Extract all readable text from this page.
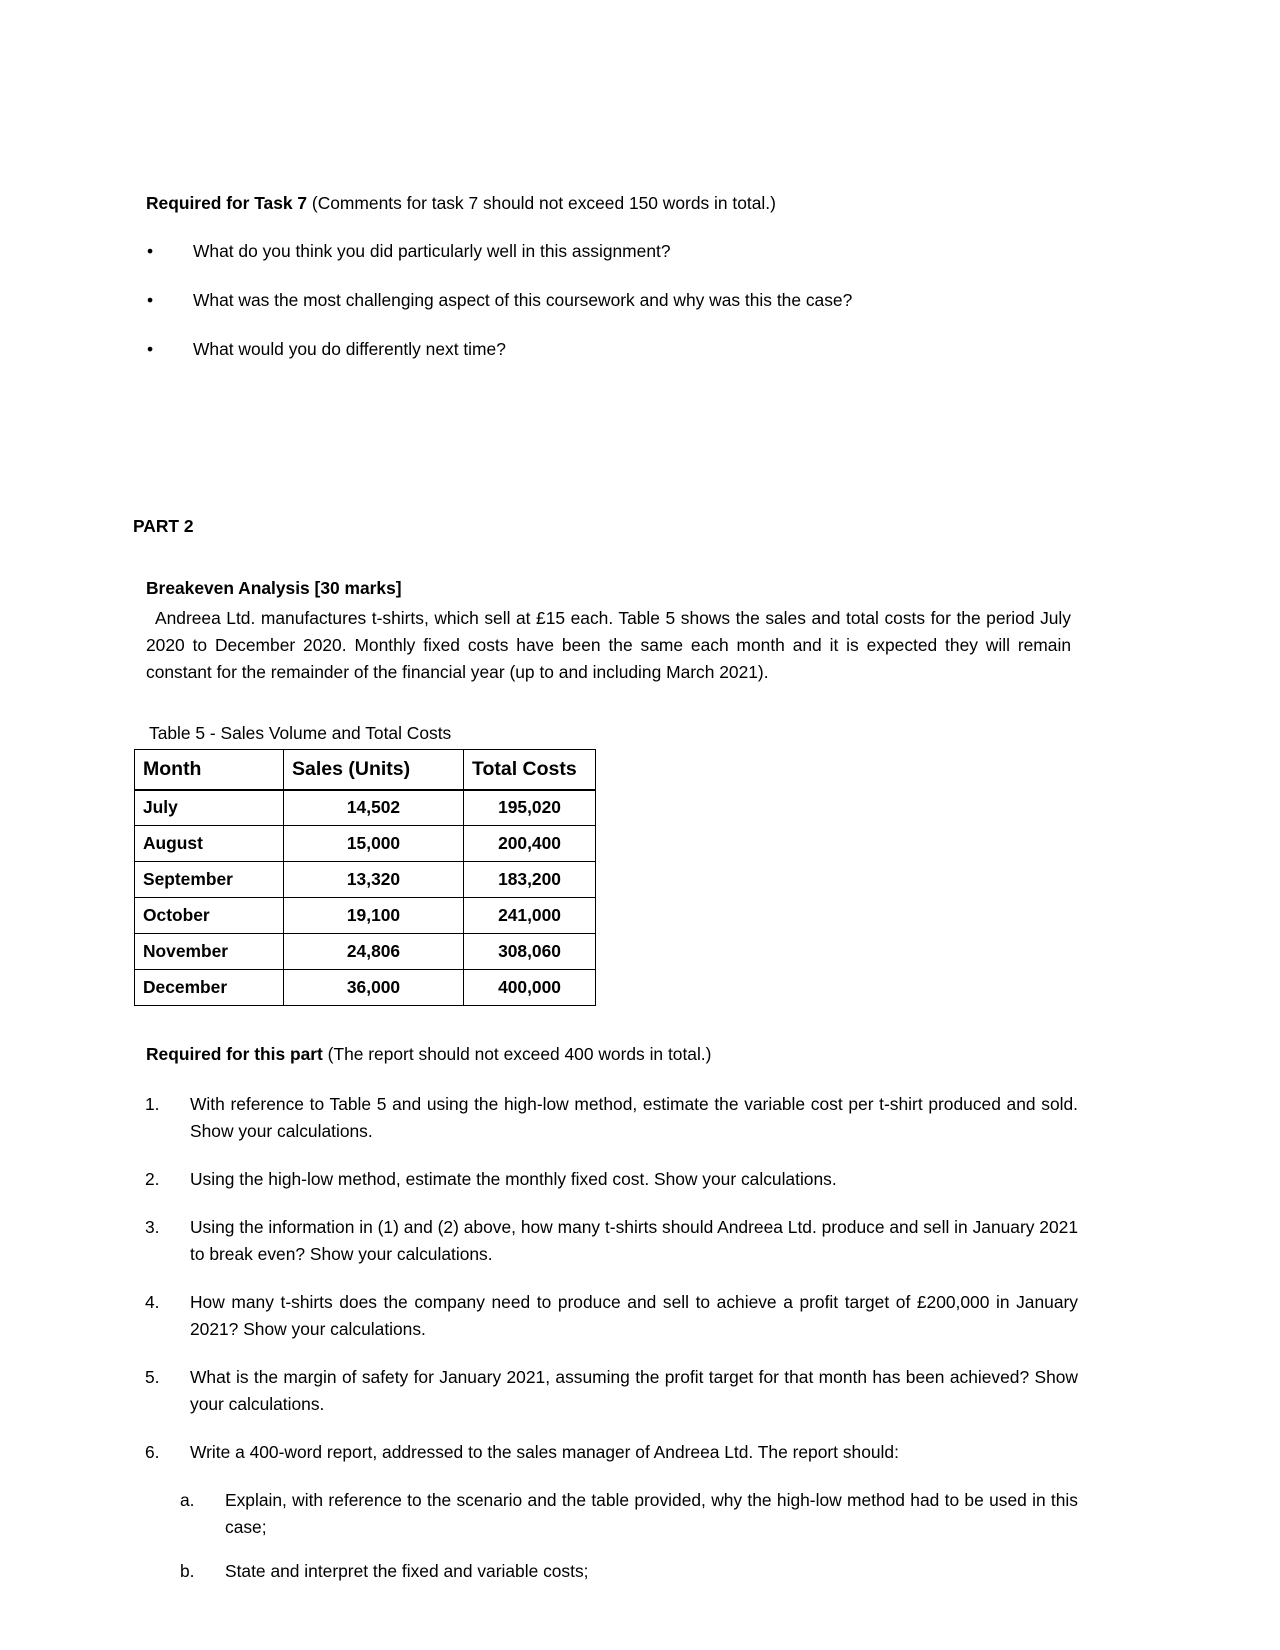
Required for Task 7 (Comments for task 7 should not exceed 150 words in total.)

• What do you think you did particularly well in this assignment?
• What was the most challenging aspect of this coursework and why was this the case?
• What would you do differently next time?

PART 2

Breakeven Analysis [30 marks]

Andreea Ltd. manufactures t-shirts, which sell at £15 each. Table 5 shows the sales and total costs for the period July 2020 to December 2020. Monthly fixed costs have been the same each month and it is expected they will remain constant for the remainder of the financial year (up to and including March 2021).

Table 5 - Sales Volume and Total Costs

Month	Sales (Units)	Total Costs
July	14,502	195,020
August	15,000	200,400
September	13,320	183,200
October	19,100	241,000
November	24,806	308,060
December	36,000	400,000

Required for this part (The report should not exceed 400 words in total.)

1. With reference to Table 5 and using the high-low method, estimate the variable cost per t-shirt produced and sold. Show your calculations.
2. Using the high-low method, estimate the monthly fixed cost. Show your calculations.
3. Using the information in (1) and (2) above, how many t-shirts should Andreea Ltd. produce and sell in January 2021 to break even? Show your calculations.
4. How many t-shirts does the company need to produce and sell to achieve a profit target of £200,000 in January 2021? Show your calculations.
5. What is the margin of safety for January 2021, assuming the profit target for that month has been achieved? Show your calculations.
6. Write a 400-word report, addressed to the sales manager of Andreea Ltd. The report should:
a. Explain, with reference to the scenario and the table provided, why the high-low method had to be used in this case;
b. State and interpret the fixed and variable costs;
